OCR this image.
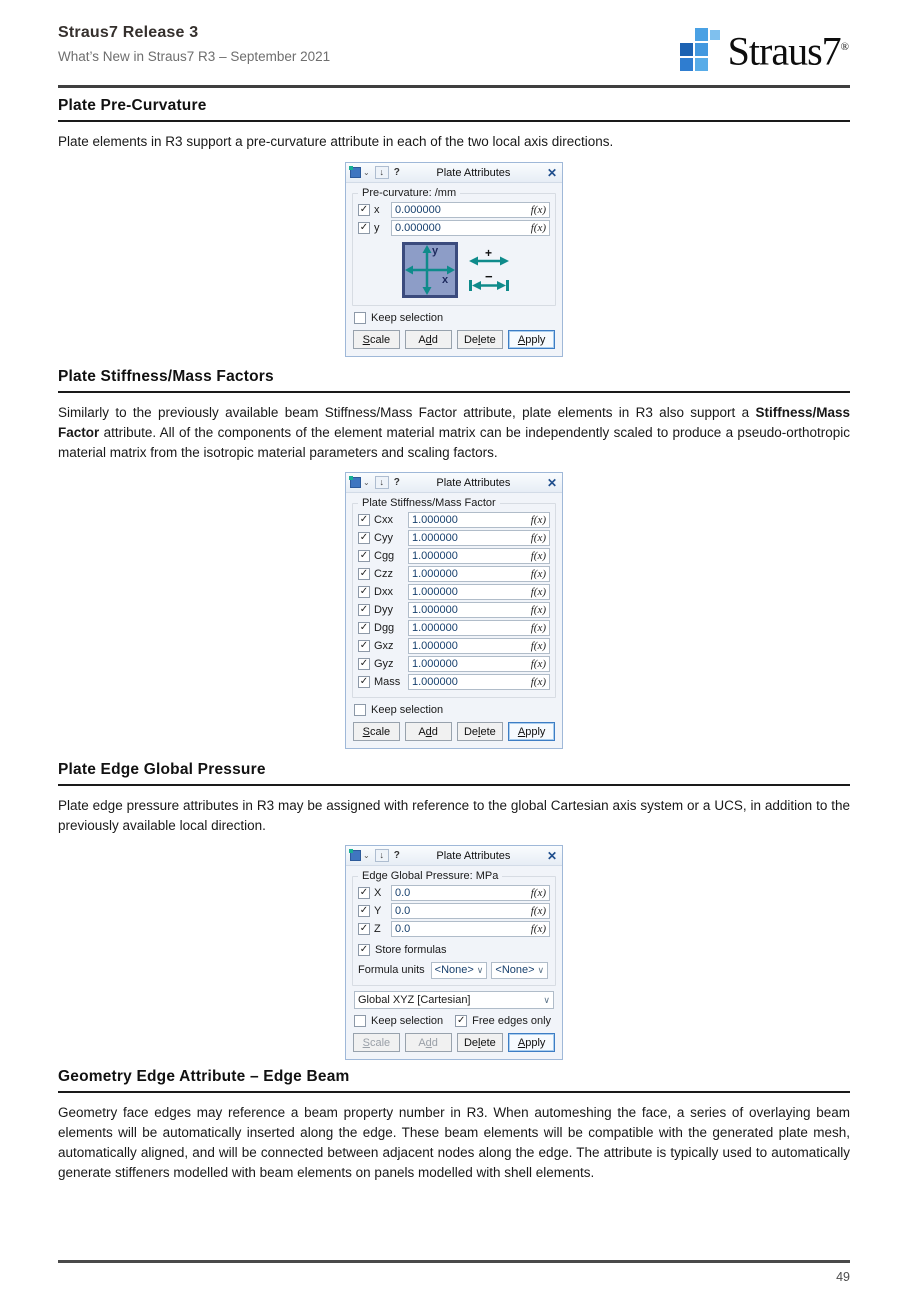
Straus7 Release 3
What’s New in Straus7 R3 – September 2021	Straus7®
Plate Pre-Curvature
Plate elements in R3 support a pre-curvature attribute in each of the two local axis directions.
⌄	↓ ?	Plate Attributes	✕
Pre-curvature: /mm
✓ x	0.000000	f(x)
✓ y	0.000000	f(x)
y
x
+
−
Keep selection
Scale	Add	Delete	Apply
Plate Stiffness/Mass Factors
Similarly to the previously available beam Stiffness/Mass Factor attribute, plate elements in R3 also support a Stiffness/Mass Factor attribute. All of the components of the element material matrix can be independently scaled to produce a pseudo-orthotropic material matrix from the isotropic material parameters and scaling factors.
⌄	↓ ?	Plate Attributes	✕
Plate Stiffness/Mass Factor
✓ Cxx	1.000000	f(x)
✓ Cyy	1.000000	f(x)
✓ Cgg	1.000000	f(x)
✓ Czz	1.000000	f(x)
✓ Dxx	1.000000	f(x)
✓ Dyy	1.000000	f(x)
✓ Dgg	1.000000	f(x)
✓ Gxz	1.000000	f(x)
✓ Gyz	1.000000	f(x)
✓ Mass	1.000000	f(x)
Keep selection
Scale	Add	Delete	Apply
Plate Edge Global Pressure
Plate edge pressure attributes in R3 may be assigned with reference to the global Cartesian axis system or a UCS, in addition to the previously available local direction.
⌄	↓ ?	Plate Attributes	✕
Edge Global Pressure: MPa
✓ X	0.0	f(x)
✓ Y	0.0	f(x)
✓ Z	0.0	f(x)
✓ Store formulas
Formula units <None> ∨ <None> ∨
Global XYZ [Cartesian]	∨
Keep selection ✓ Free edges only
Scale	Add	Delete	Apply
Geometry Edge Attribute – Edge Beam
Geometry face edges may reference a beam property number in R3. When automeshing the face, a series of overlaying beam elements will be automatically inserted along the edge. These beam elements will be compatible with the generated plate mesh, automatically aligned, and will be connected between adjacent nodes along the edge. The attribute is typically used to automatically generate stiffeners modelled with beam elements on panels modelled with shell elements.
49
